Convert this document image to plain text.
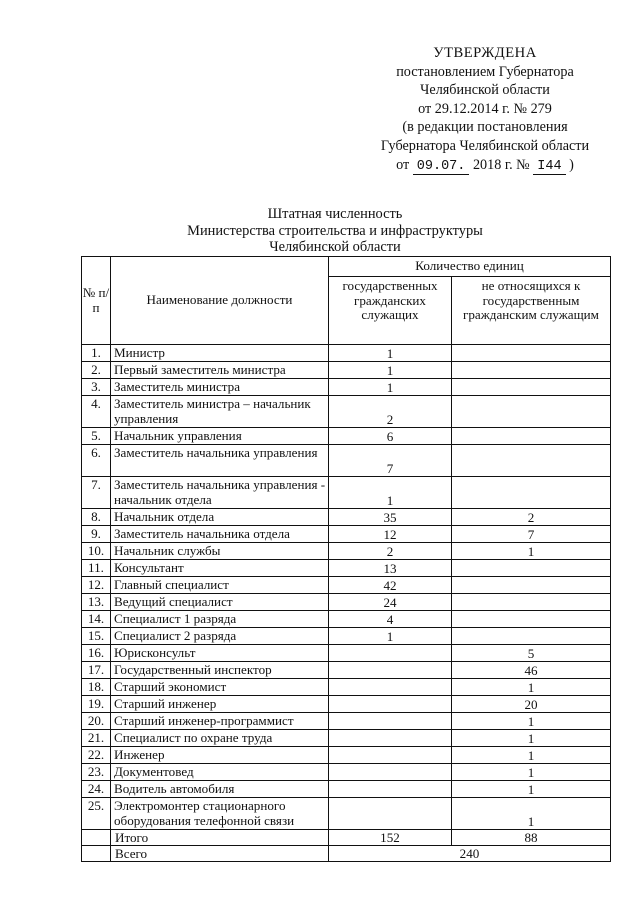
УТВЕРЖДЕНА
постановлением Губернатора
Челябинской области
от 29.12.2014 г. № 279
(в редакции постановления
Губернатора Челябинской области
от 09.07. 2018 г. № I44 )
Штатная численность
Министерства строительства и инфраструктуры
Челябинской области
№ п/п	Наименование должности	Количество единиц	
		государственных гражданских служащих	не относящихся к государственным гражданским служащим
1.	Министр	1	
2.	Первый заместитель министра	1	
3.	Заместитель министра	1	
4.	Заместитель министра – начальник управления	2	
5.	Начальник управления	6	
6.	Заместитель начальника управления	7	
7.	Заместитель начальника управления - начальник отдела	1	
8.	Начальник отдела	35	2
9.	Заместитель начальника отдела	12	7
10.	Начальник службы	2	1
11.	Консультант	13	
12.	Главный специалист	42	
13.	Ведущий специалист	24	
14.	Специалист 1 разряда	4	
15.	Специалист 2 разряда	1	
16.	Юрисконсульт		5
17.	Государственный инспектор		46
18.	Старший экономист		1
19.	Старший инженер		20
20.	Старший инженер-программист		1
21.	Специалист по охране труда		1
22.	Инженер		1
23.	Документовед		1
24.	Водитель автомобиля		1
25.	Электромонтер стационарного оборудования телефонной связи		1
	Итого	152	88
	Всего	240	
